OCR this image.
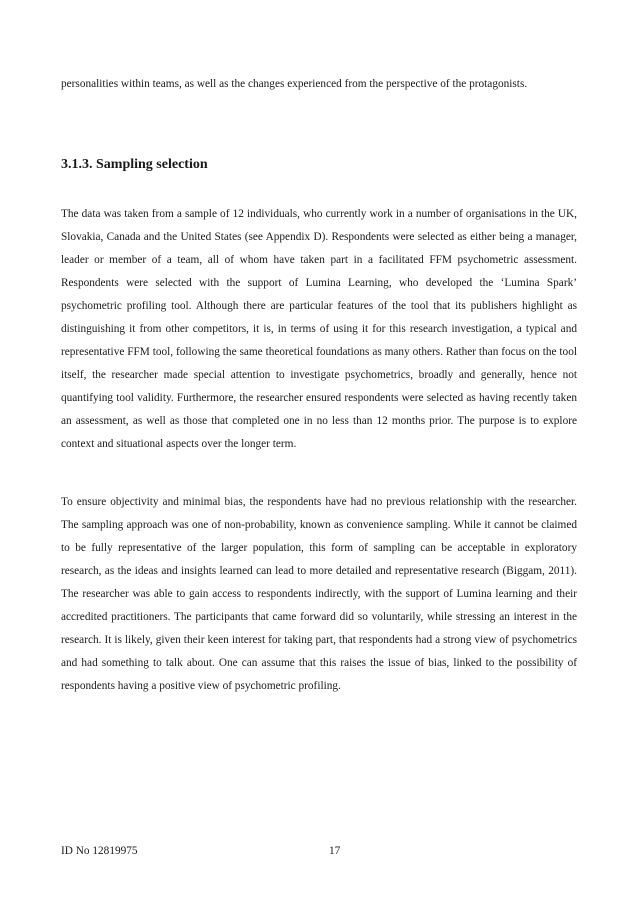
personalities within teams, as well as the changes experienced from the perspective of the protagonists.

3.1.3. Sampling selection

The data was taken from a sample of 12 individuals, who currently work in a number of organisations in the UK, Slovakia, Canada and the United States (see Appendix D). Respondents were selected as either being a manager, leader or member of a team, all of whom have taken part in a facilitated FFM psychometric assessment. Respondents were selected with the support of Lumina Learning, who developed the ‘Lumina Spark’ psychometric profiling tool. Although there are particular features of the tool that its publishers highlight as distinguishing it from other competitors, it is, in terms of using it for this research investigation, a typical and representative FFM tool, following the same theoretical foundations as many others. Rather than focus on the tool itself, the researcher made special attention to investigate psychometrics, broadly and generally, hence not quantifying tool validity. Furthermore, the researcher ensured respondents were selected as having recently taken an assessment, as well as those that completed one in no less than 12 months prior. The purpose is to explore context and situational aspects over the longer term.

To ensure objectivity and minimal bias, the respondents have had no previous relationship with the researcher. The sampling approach was one of non-probability, known as convenience sampling. While it cannot be claimed to be fully representative of the larger population, this form of sampling can be acceptable in exploratory research, as the ideas and insights learned can lead to more detailed and representative research (Biggam, 2011). The researcher was able to gain access to respondents indirectly, with the support of Lumina learning and their accredited practitioners. The participants that came forward did so voluntarily, while stressing an interest in the research. It is likely, given their keen interest for taking part, that respondents had a strong view of psychometrics and had something to talk about. One can assume that this raises the issue of bias, linked to the possibility of respondents having a positive view of psychometric profiling.

ID No 12819975	17
